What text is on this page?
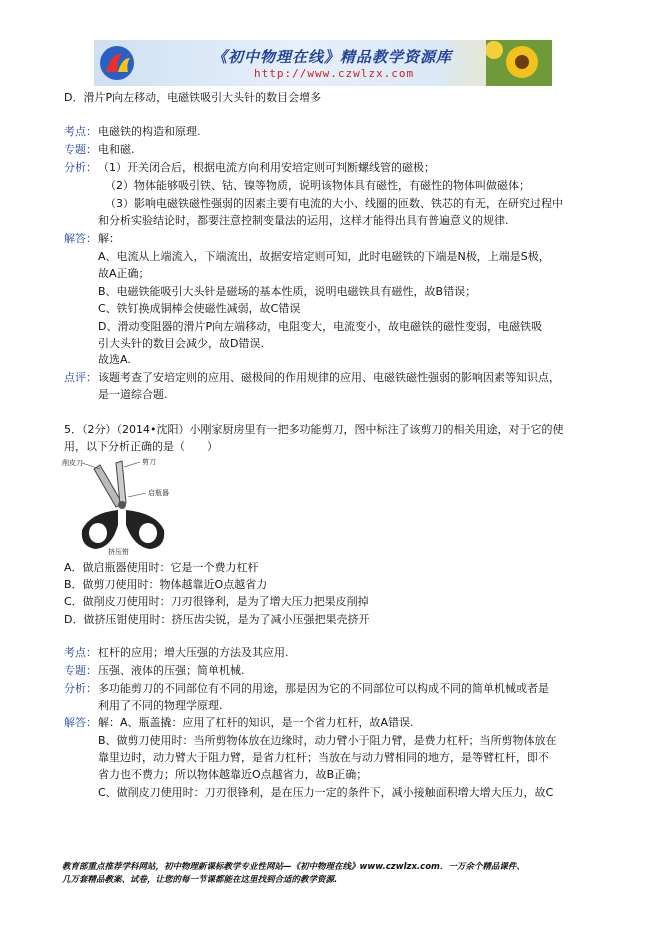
《初中物理在线》精品教学资源库
http://www.czwlzx.com
D．滑片P向左移动，电磁铁吸引大头针的数目会增多
考点： 电磁铁的构造和原理.
专题： 电和磁.
分析： （1）开关闭合后，根据电流方向利用安培定则可判断螺线管的磁极；
（2）物体能够吸引铁、钴、镍等物质，说明该物体具有磁性，有磁性的物体叫做磁体；
（3）影响电磁铁磁性强弱的因素主要有电流的大小、线圈的匝数、铁芯的有无，在研究过程中
和分析实验结论时，都要注意控制变量法的运用，这样才能得出具有普遍意义的规律.
解答： 解：
A、电流从上端流入，下端流出，故据安培定则可知，此时电磁铁的下端是N极，上端是S极，
故A正确；
B、电磁铁能吸引大头针是磁场的基本性质，说明电磁铁具有磁性，故B错误；
C、铁钉换成铜棒会使磁性减弱，故C错误
D、滑动变阻器的滑片P向左端移动，电阻变大，电流变小，故电磁铁的磁性变弱，电磁铁吸
引大头针的数目会减少，故D错误.
故选A.
点评： 该题考查了安培定则的应用、磁极间的作用规律的应用、电磁铁磁性强弱的影响因素等知识点，
是一道综合题.
5．（2分）（2014•沈阳）小刚家厨房里有一把多功能剪刀，图中标注了该剪刀的相关用途，对于它的使
用，以下分析正确的是（　　）
削皮刀	剪刀
启瓶器
挤压钳
A．做启瓶器使用时：它是一个费力杠杆
B．做剪刀使用时：物体越靠近O点越省力
C．做削皮刀使用时：刀刃很锋利，是为了增大压力把果皮削掉
D．做挤压钳使用时：挤压齿尖锐，是为了减小压强把果壳挤开
考点： 杠杆的应用；增大压强的方法及其应用.
专题： 压强、液体的压强；简单机械.
分析： 多功能剪刀的不同部位有不同的用途，那是因为它的不同部位可以构成不同的简单机械或者是
利用了不同的物理学原理.
解答： 解：A、瓶盖撬：应用了杠杆的知识，是一个省力杠杆，故A错误.
B、做剪刀使用时：当所剪物体放在边缘时，动力臂小于阻力臂，是费力杠杆；当所剪物体放在
靠里边时，动力臂大于阻力臂，是省力杠杆；当放在与动力臂相同的地方，是等臂杠杆，即不
省力也不费力；所以物体越靠近O点越省力，故B正确；
C、做削皮刀使用时：刀刃很锋利，是在压力一定的条件下，减小接触面积增大增大压力，故C
教育部重点推荐学科网站，初中物理新课标教学专业性网站—《初中物理在线》www.czwlzx.com．一万余个精品课件、
几万套精品教案、试卷，让您的每一节课都能在这里找到合适的教学资源.
